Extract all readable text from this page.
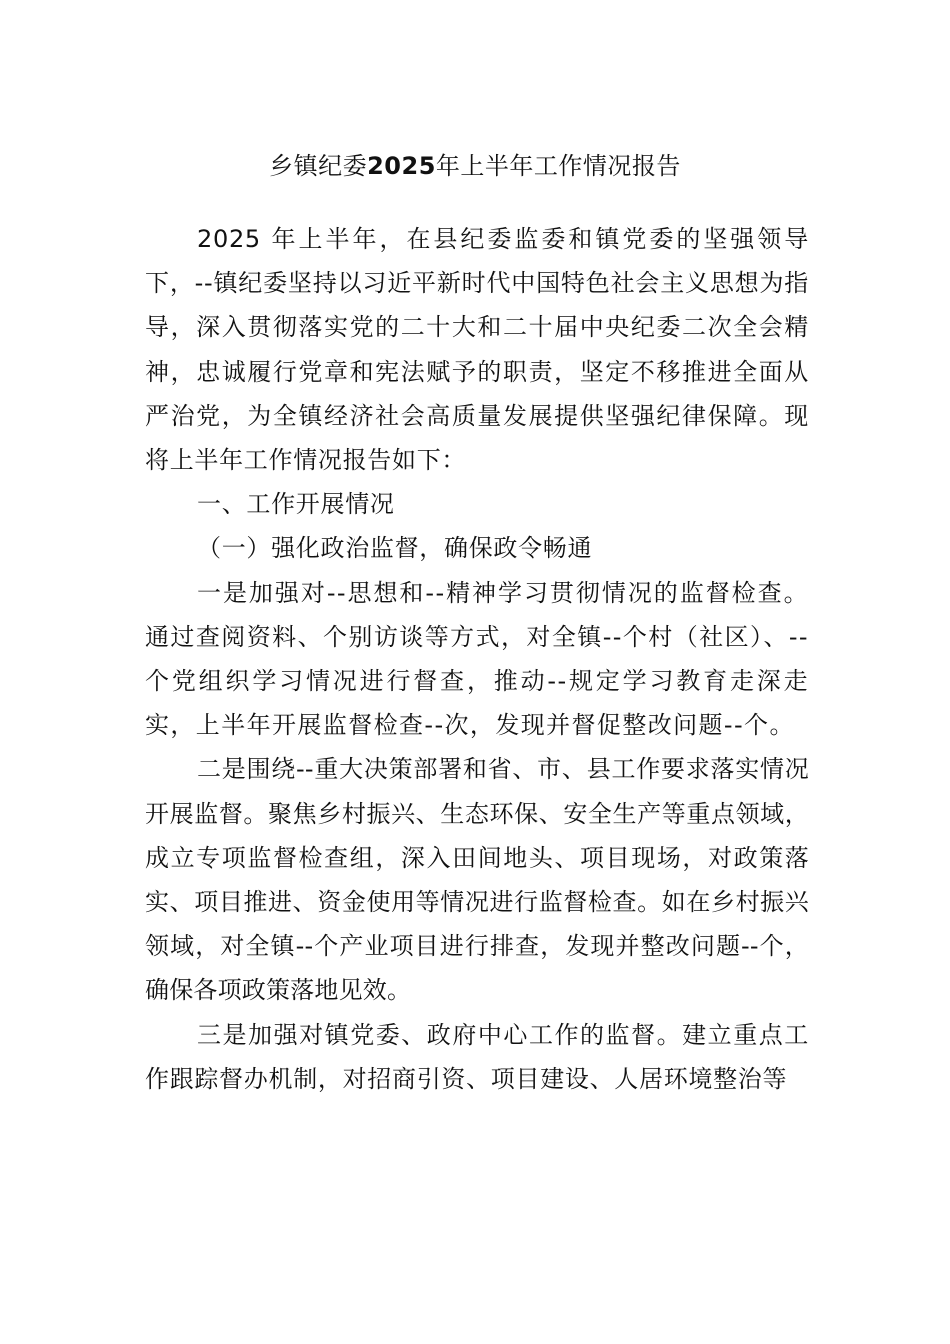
乡镇纪委2025年上半年工作情况报告

2025 年上半年，在县纪委监委和镇党委的坚强领导下，--镇纪委坚持以习近平新时代中国特色社会主义思想为指导，深入贯彻落实党的二十大和二十届中央纪委二次全会精神，忠诚履行党章和宪法赋予的职责，坚定不移推进全面从严治党，为全镇经济社会高质量发展提供坚强纪律保障。现将上半年工作情况报告如下：

一、工作开展情况

（一）强化政治监督，确保政令畅通

一是加强对--思想和--精神学习贯彻情况的监督检查。通过查阅资料、个别访谈等方式，对全镇--个村（社区）、--个党组织学习情况进行督查，推动--规定学习教育走深走实，上半年开展监督检查--次，发现并督促整改问题--个。

二是围绕--重大决策部署和省、市、县工作要求落实情况开展监督。聚焦乡村振兴、生态环保、安全生产等重点领域，成立专项监督检查组，深入田间地头、项目现场，对政策落实、项目推进、资金使用等情况进行监督检查。如在乡村振兴领域，对全镇--个产业项目进行排查，发现并整改问题--个，确保各项政策落地见效。

三是加强对镇党委、政府中心工作的监督。建立重点工作跟踪督办机制，对招商引资、项目建设、人居环境整治等
